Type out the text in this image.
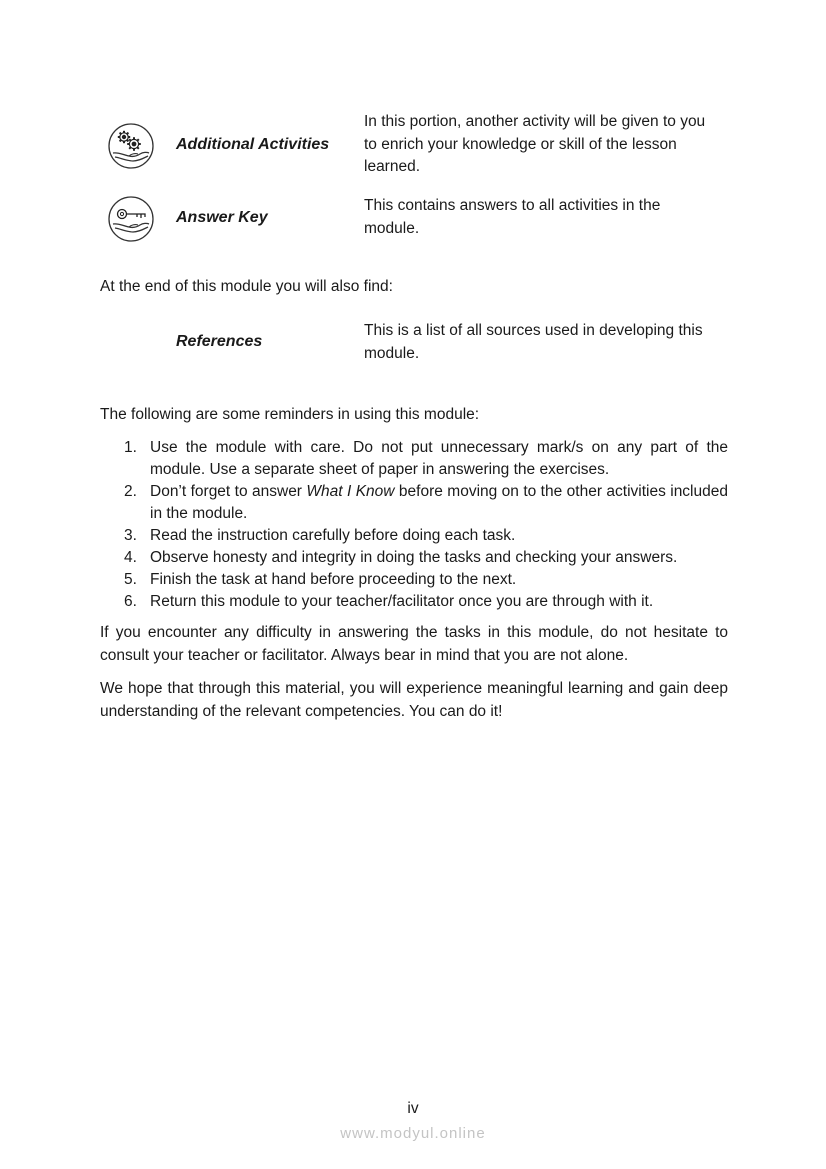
Additional Activities
In this portion, another activity will be given to you to enrich your knowledge or skill of the lesson learned.
Answer Key
This contains answers to all activities in the module.
At the end of this module you will also find:
References
This is a list of all sources used in developing this module.
The following are some reminders in using this module:
1. Use the module with care. Do not put unnecessary mark/s on any part of the module. Use a separate sheet of paper in answering the exercises.
2. Don’t forget to answer What I Know before moving on to the other activities included in the module.
3. Read the instruction carefully before doing each task.
4. Observe honesty and integrity in doing the tasks and checking your answers.
5. Finish the task at hand before proceeding to the next.
6. Return this module to your teacher/facilitator once you are through with it.
If you encounter any difficulty in answering the tasks in this module, do not hesitate to consult your teacher or facilitator. Always bear in mind that you are not alone.
We hope that through this material, you will experience meaningful learning and gain deep understanding of the relevant competencies. You can do it!
iv
www.modyul.online
